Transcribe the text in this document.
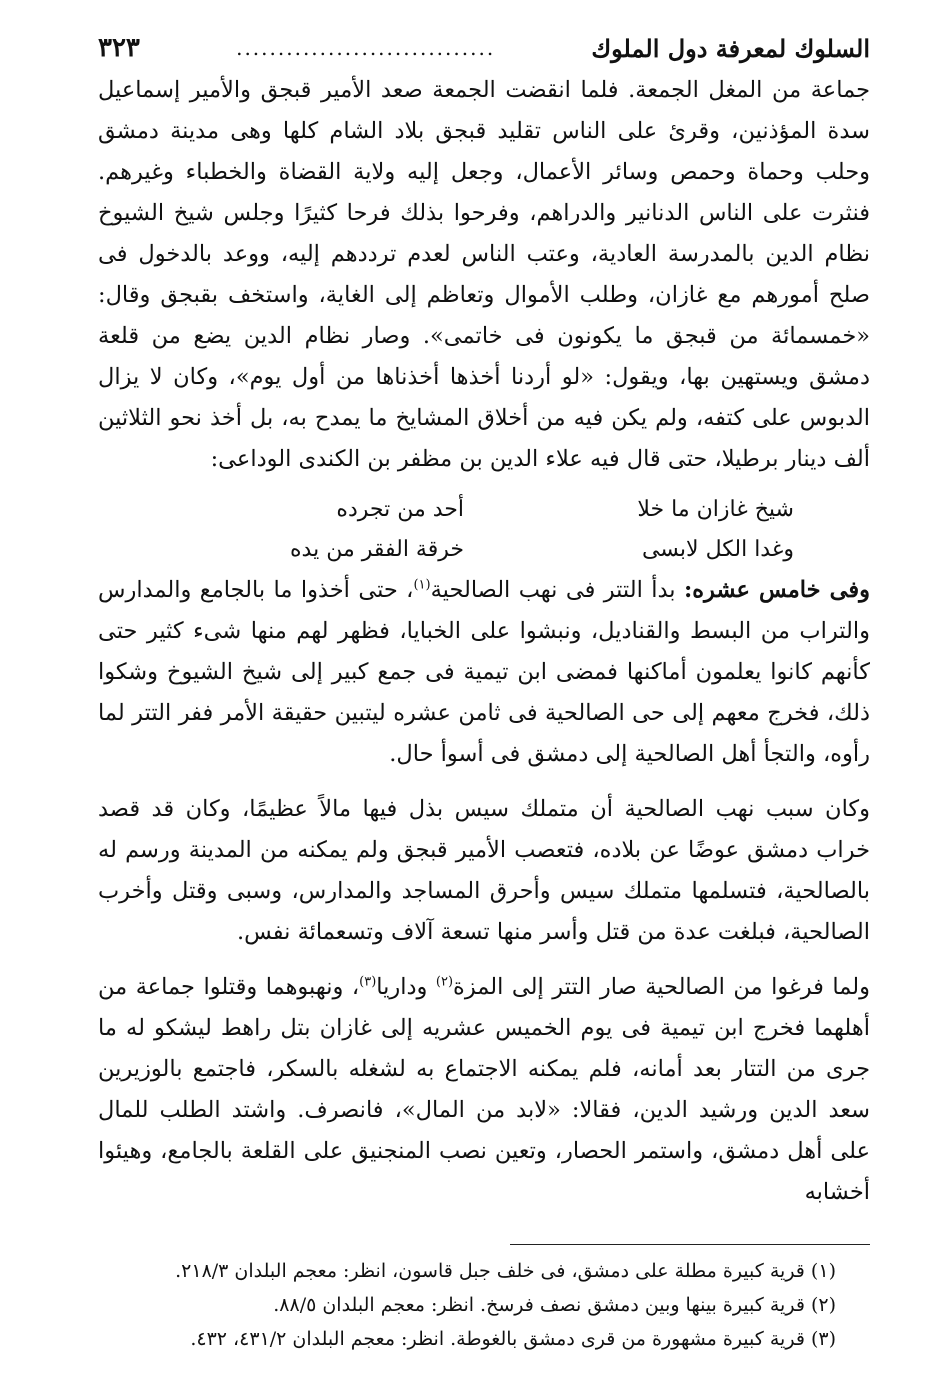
السلوك لمعرفة دول الملوك
...............................
٣٢٣

جماعة من المغل الجمعة. فلما انقضت الجمعة صعد الأمير قبجق والأمير إسماعيل سدة المؤذنين، وقرئ على الناس تقليد قبجق بلاد الشام كلها وهى مدينة دمشق وحلب وحماة وحمص وسائر الأعمال، وجعل إليه ولاية القضاة والخطباء وغيرهم. فنثرت على الناس الدنانير والدراهم، وفرحوا بذلك فرحا كثيرًا وجلس شيخ الشيوخ نظام الدين بالمدرسة العادية، وعتب الناس لعدم ترددهم إليه، ووعد بالدخول فى صلح أمورهم مع غازان، وطلب الأموال وتعاظم إلى الغاية، واستخف بقبجق وقال: «خمسمائة من قبجق ما يكونون فى خاتمى». وصار نظام الدين يضع من قلعة دمشق ويستهين بها، ويقول: «لو أردنا أخذها أخذناها من أول يوم»، وكان لا يزال الدبوس على كتفه، ولم يكن فيه من أخلاق المشايخ ما يمدح به، بل أخذ نحو الثلاثين ألف دينار برطيلا، حتى قال فيه علاء الدين بن مظفر بن الكندى الوداعى:

شيخ غازان ما خلا
أحد من تجرده
وغدا الكل لابسى
خرقة الفقر من يده

وفى خامس عشره: بدأ التتر فى نهب الصالحية$^{(١)}$، حتى أخذوا ما بالجامع والمدارس والتراب من البسط والقناديل، ونبشوا على الخبايا، فظهر لهم منها شىء كثير حتى كأنهم كانوا يعلمون أماكنها فمضى ابن تيمية فى جمع كبير إلى شيخ الشيوخ وشكوا ذلك، فخرج معهم إلى حى الصالحية فى ثامن عشره ليتبين حقيقة الأمر ففر التتر لما رأوه، والتجأ أهل الصالحية إلى دمشق فى أسوأ حال.

وكان سبب نهب الصالحية أن متملك سيس بذل فيها مالاً عظيمًا، وكان قد قصد خراب دمشق عوضًا عن بلاده، فتعصب الأمير قبجق ولم يمكنه من المدينة ورسم له بالصالحية، فتسلمها متملك سيس وأحرق المساجد والمدارس، وسبى وقتل وأخرب الصالحية، فبلغت عدة من قتل وأسر منها تسعة آلاف وتسعمائة نفس.

ولما فرغوا من الصالحية صار التتر إلى المزة$^{(٢)}$ وداريا$^{(٣)}$، ونهبوهما وقتلوا جماعة من أهلهما فخرج ابن تيمية فى يوم الخميس عشريه إلى غازان بتل راهط ليشكو له ما جرى من التتار بعد أمانه، فلم يمكنه الاجتماع به لشغله بالسكر، فاجتمع بالوزيرين سعد الدين ورشيد الدين، فقالا: «لابد من المال»، فانصرف. واشتد الطلب للمال على أهل دمشق، واستمر الحصار، وتعين نصب المنجنيق على القلعة بالجامع، وهيئوا أخشابه

(١) قرية كبيرة مطلة على دمشق، فى خلف جبل قاسون، انظر: معجم البلدان ٢١٨/٣.
(٢) قرية كبيرة بينها وبين دمشق نصف فرسخ. انظر: معجم البلدان ٨٨/٥.
(٣) قرية كبيرة مشهورة من قرى دمشق بالغوطة. انظر: معجم البلدان ٤٣١/٢، ٤٣٢.
